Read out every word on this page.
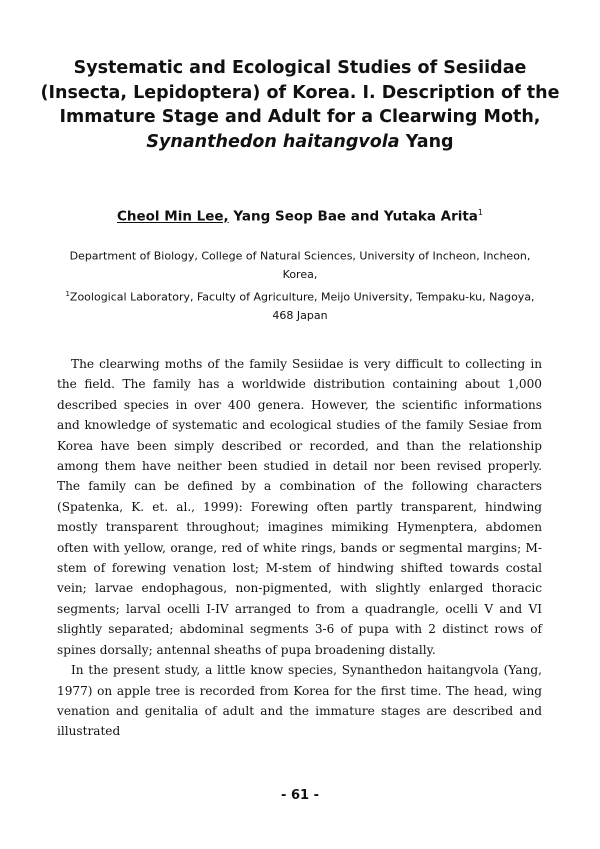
Systematic and Ecological Studies of Sesiidae (Insecta, Lepidoptera) of Korea. I. Description of the Immature Stage and Adult for a Clearwing Moth, Synanthedon haitangvola Yang
Cheol Min Lee, Yang Seop Bae and Yutaka Arita$^1$

Department of Biology, College of Natural Sciences, University of Incheon, Incheon, Korea,

$^1$Zoological Laboratory, Faculty of Agriculture, Meijo University, Tempaku-ku, Nagoya, 468 Japan

The clearwing moths of the family Sesiidae is very difficult to collecting in the field. The family has a worldwide distribution containing about 1,000 described species in over 400 genera. However, the scientific informations and knowledge of systematic and ecological studies of the family Sesiae from Korea have been simply described or recorded, and than the relationship among them have neither been studied in detail nor been revised properly. The family can be defined by a combination of the following characters (Spatenka, K. et. al., 1999): Forewing often partly transparent, hindwing mostly transparent throughout; imagines mimiking Hymenptera, abdomen often with yellow, orange, red of white rings, bands or segmental margins; M-stem of forewing venation lost; M-stem of hindwing shifted towards costal vein; larvae endophagous, non-pigmented, with slightly enlarged thoracic segments; larval ocelli I-IV arranged to from a quadrangle, ocelli V and VI slightly separated; abdominal segments 3-6 of pupa with 2 distinct rows of spines dorsally; antennal sheaths of pupa broadening distally.

In the present study, a little know species, Synanthedon haitangvola (Yang, 1977) on apple tree is recorded from Korea for the first time. The head, wing venation and genitalia of adult and the immature stages are described and illustrated

- 61 -
